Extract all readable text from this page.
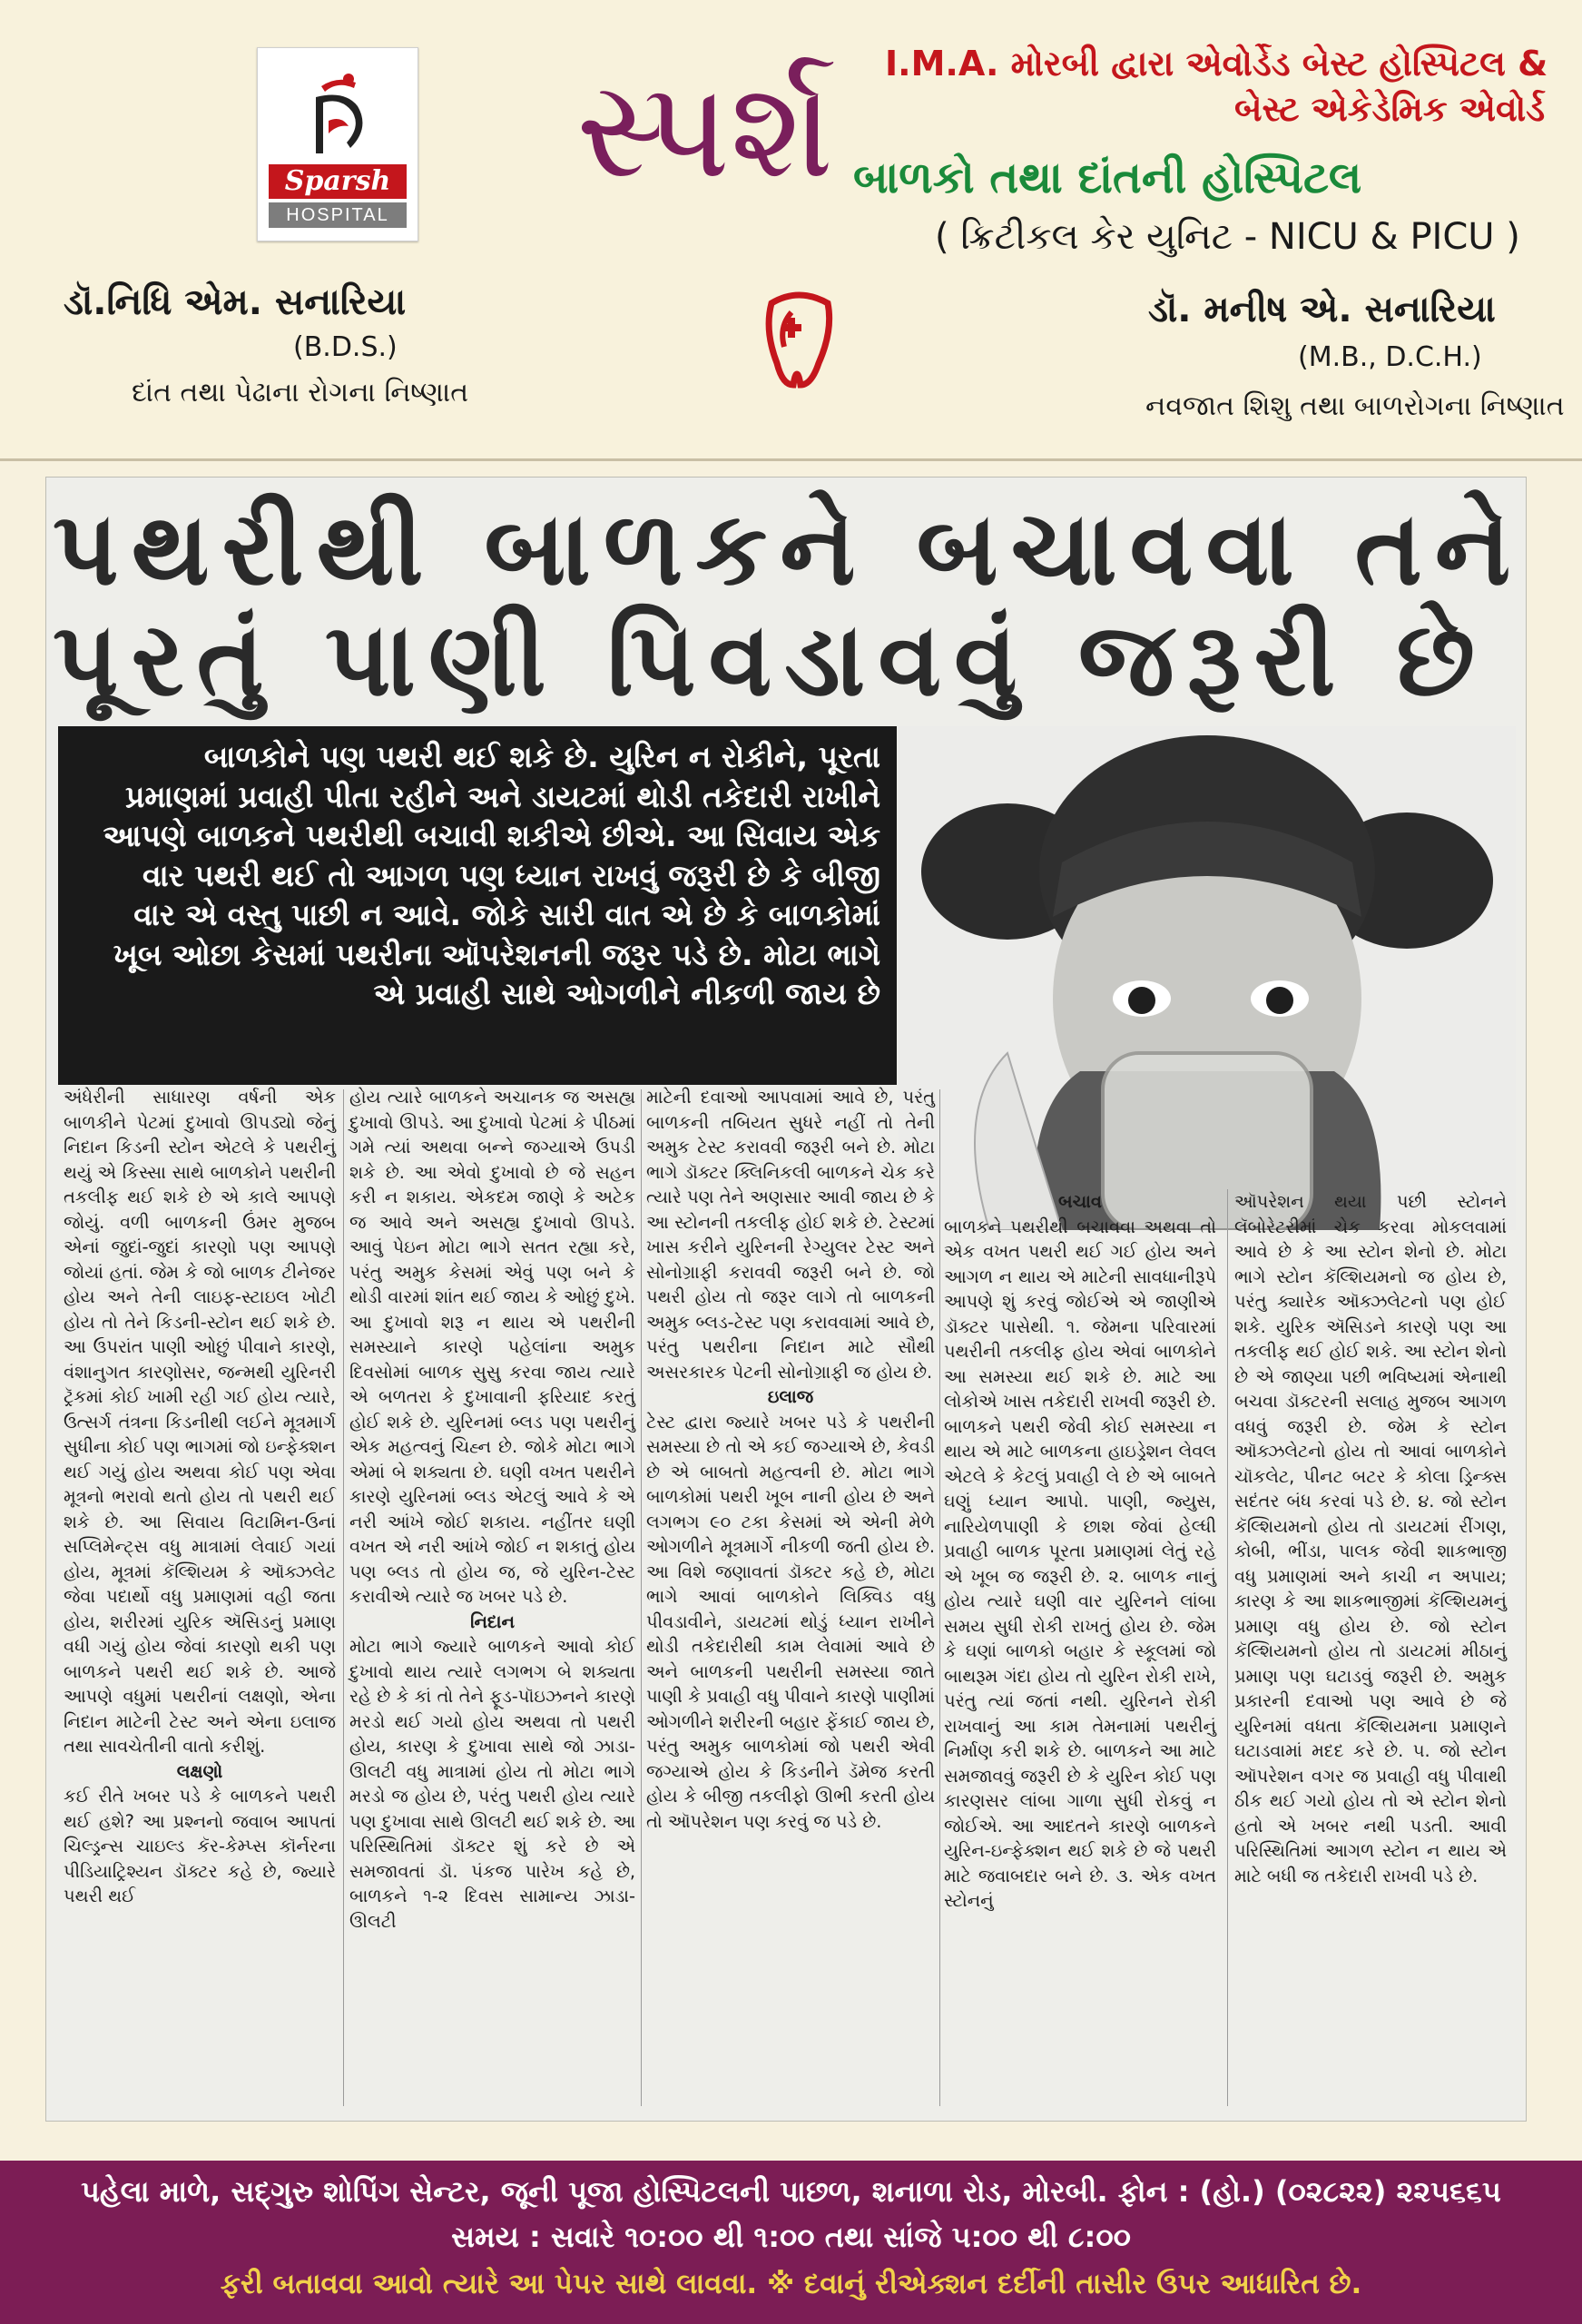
Sparsh
HOSPITAL
સ્પર્શ I.M.A. મોરબી દ્વારા એવોર્ડેડ બેસ્ટ હોસ્પિટલ &
બેસ્ટ એકેડેમિક એવોર્ડ
બાળકો તથા દાંતની હોસ્પિટલ
( ક્રિટીકલ કેર યુનિટ - NICU & PICU )
ડૉ.નિધિ એમ. સનારિયા
(B.D.S.)
દાંત તથા પેઢાના રોગના નિષ્ણાત
ડૉ. મનીષ એ. સનારિયા
(M.B., D.C.H.)
નવજાત શિશુ તથા બાળરોગના નિષ્ણાત
પથરીથી બાળકને બચાવવા તને
પૂરતું પાણી પિવડાવવું જરૂરી છે
બાળકોને પણ પથરી થઈ શકે છે. યુરિન ન રોકીને, પૂરતા પ્રમાણમાં પ્રવાહી પીતા રહીને અને ડાયટમાં થોડી તકેદારી રાખીને આપણે બાળકને પથરીથી બચાવી શકીએ છીએ. આ સિવાય એક વાર પથરી થઈ તો આગળ પણ ધ્યાન રાખવું જરૂરી છે કે બીજી વાર એ વસ્તુ પાછી ન આવે. જોકે સારી વાત એ છે કે બાળકોમાં ખૂબ ઓછા કેસમાં પથરીના ઑપરેશનની જરૂર પડે છે. મોટા ભાગે એ પ્રવાહી સાથે ઓગળીને નીકળી જાય છે

અંધેરીની સાધારણ વર્ષની એક બાળકીને પેટમાં દુખાવો ઊપડ્યો જેનું નિદાન કિડની સ્ટોન એટલે કે પથરીનું થયું એ કિસ્સા સાથે બાળકોને પથરીની તકલીફ થઈ શકે છે એ કાલે આપણે જોયું. વળી બાળકની ઉંમર મુજબ એનાં જુદાં-જુદાં કારણો પણ આપણે જોયાં હતાં. જેમ કે જો બાળક ટીનેજર હોય અને તેની લાઇફ-સ્ટાઇલ ખોટી હોય તો તેને કિડની-સ્ટોન થઈ શકે છે. આ ઉપરાંત પાણી ઓછું પીવાને કારણે, વંશાનુગત કારણોસર, જન્મથી યુરિનરી ટ્રૅકમાં કોઈ ખામી રહી ગઈ હોય ત્યારે, ઉત્સર્ગ તંત્રના કિડનીથી લઈને મૂત્રમાર્ગ સુધીના કોઈ પણ ભાગમાં જો ઇન્ફેક્શન થઈ ગયું હોય અથવા કોઈ પણ એવા મૂત્રનો ભરાવો થતો હોય તો પથરી થઈ શકે છે. આ સિવાય વિટામિન-ઉનાં સપ્લિમેન્ટ્સ વધુ માત્રામાં લેવાઈ ગયાં હોય, મૂત્રમાં કૅલ્શિયમ કે ઑક્ઝલેટ જેવા પદાર્થો વધુ પ્રમાણમાં વહી જતા હોય, શરીરમાં યુરિક ઍસિડનું પ્રમાણ વધી ગયું હોય જેવાં કારણો થકી પણ બાળકને પથરી થઈ શકે છે. આજે આપણે વધુમાં પથરીનાં લક્ષણો, એના નિદાન માટેની ટેસ્ટ અને એના ઇલાજ તથા સાવચેતીની વાતો કરીશું.

લક્ષણો

કઈ રીતે ખબર પડે કે બાળકને પથરી થઈ હશે? આ પ્રશ્નનો જવાબ આપતાં ચિલ્ડ્રન્સ ચાઇલ્ડ કૅર-કેમ્પ્સ કૉર્નરના પીડિયાટ્રિશ્યન ડૉક્ટર કહે છે, જ્યારે પથરી થઈ

હોય ત્યારે બાળકને અચાનક જ અસહ્ય દુખાવો ઊપડે. આ દુખાવો પેટમાં કે પીઠમાં ગમે ત્યાં અથવા બન્ને જગ્યાએ ઉપડી શકે છે. આ એવો દુખાવો છે જે સહન કરી ન શકાય. એકદમ જાણે કે અટેક જ આવે અને અસહ્ય દુખાવો ઊપડે. આવું પેઇન મોટા ભાગે સતત રહ્યા કરે, પરંતુ અમુક કેસમાં એવું પણ બને કે થોડી વારમાં શાંત થઈ જાય કે ઓછું દુખે. આ દુખાવો શરૂ ન થાય એ પથરીની સમસ્યાને કારણે પહેલાંના અમુક દિવસોમાં બાળક સુસુ કરવા જાય ત્યારે એ બળતરા કે દુખાવાની ફરિયાદ કરતું હોઈ શકે છે. યુરિનમાં બ્લડ પણ પથરીનું એક મહત્વનું ચિહ્ન છે. જોકે મોટા ભાગે એમાં બે શક્યતા છે. ઘણી વખત પથરીને કારણે યુરિનમાં બ્લડ એટલું આવે કે એ નરી આંખે જોઈ શકાય. નહીંતર ઘણી વખત એ નરી આંખે જોઈ ન શકાતું હોય પણ બ્લડ તો હોય જ, જે યુરિન-ટેસ્ટ કરાવીએ ત્યારે જ ખબર પડે છે.

નિદાન

મોટા ભાગે જ્યારે બાળકને આવો કોઈ દુખાવો થાય ત્યારે લગભગ બે શક્યતા રહે છે કે કાં તો તેને ફૂડ-પૉઇઝનને કારણે મરડો થઈ ગયો હોય અથવા તો પથરી હોય, કારણ કે દુખાવા સાથે જો ઝાડા-ઊલટી વધુ માત્રામાં હોય તો મોટા ભાગે મરડો જ હોય છે, પરંતુ પથરી હોય ત્યારે પણ દુખાવા સાથે ઊલટી થઈ શકે છે. આ પરિસ્થિતિમાં ડૉક્ટર શું કરે છે એ સમજાવતાં ડૉ. પંકજ પારેખ કહે છે, બાળકને ૧-૨ દિવસ સામાન્ય ઝાડા-ઊલટી

માટેની દવાઓ આપવામાં આવે છે, પરંતુ બાળકની તબિયત સુધરે નહીં તો તેની અમુક ટેસ્ટ કરાવવી જરૂરી બને છે. મોટા ભાગે ડૉક્ટર ક્લિનિકલી બાળકને ચેક કરે ત્યારે પણ તેને અણસાર આવી જાય છે કે આ સ્ટોનની તકલીફ હોઈ શકે છે. ટેસ્ટમાં ખાસ કરીને યુરિનની રેગ્યુલર ટેસ્ટ અને સોનોગ્રાફી કરાવવી જરૂરી બને છે. જો પથરી હોય તો જરૂર લાગે તો બાળકની અમુક બ્લડ-ટેસ્ટ પણ કરાવવામાં આવે છે, પરંતુ પથરીના નિદાન માટે સૌથી અસરકારક પેટની સોનોગ્રાફી જ હોય છે.

ઇલાજ

ટેસ્ટ દ્વારા જ્યારે ખબર પડે કે પથરીની સમસ્યા છે તો એ કઈ જગ્યાએ છે, કેવડી છે એ બાબતો મહત્વની છે. મોટા ભાગે બાળકોમાં પથરી ખૂબ નાની હોય છે અને લગભગ ૯૦ ટકા કેસમાં એ એની મેળે ઓગળીને મૂત્રમાર્ગે નીકળી જતી હોય છે. આ વિશે જણાવતાં ડૉક્ટર કહે છે, મોટા ભાગે આવાં બાળકોને લિક્વિડ વધુ પીવડાવીને, ડાયટમાં થોડું ધ્યાન રાખીને થોડી તકેદારીથી કામ લેવામાં આવે છે અને બાળકની પથરીની સમસ્યા જાતે પાણી કે પ્રવાહી વધુ પીવાને કારણે પાણીમાં ઓગળીને શરીરની બહાર ફેંકાઈ જાય છે, પરંતુ અમુક બાળકોમાં જો પથરી એવી જગ્યાએ હોય કે કિડનીને ડૅમેજ કરતી હોય કે બીજી તકલીફો ઊભી કરતી હોય તો ઑપરેશન પણ કરવું જ પડે છે.

બચાવ

બાળકને પથરીથી બચાવવા અથવા તો એક વખત પથરી થઈ ગઈ હોય અને આગળ ન થાય એ માટેની સાવધાનીરૂપે આપણે શું કરવું જોઈએ એ જાણીએ ડૉક્ટર પાસેથી. ૧. જેમના પરિવારમાં પથરીની તકલીફ હોય એવાં બાળકોને આ સમસ્યા થઈ શકે છે. માટે આ લોકોએ ખાસ તકેદારી રાખવી જરૂરી છે. બાળકને પથરી જેવી કોઈ સમસ્યા ન થાય એ માટે બાળકના હાઇડ્રેશન લેવલ એટલે કે કેટલું પ્રવાહી લે છે એ બાબતે ઘણું ધ્યાન આપો. પાણી, જ્યુસ, નારિયેળપાણી કે છાશ જેવાં હેલ્ધી પ્રવાહી બાળક પૂરતા પ્રમાણમાં લેતું રહે એ ખૂબ જ જરૂરી છે. ૨. બાળક નાનું હોય ત્યારે ઘણી વાર યુરિનને લાંબા સમય સુધી રોકી રાખતું હોય છે. જેમ કે ઘણાં બાળકો બહાર કે સ્કૂલમાં જો બાથરૂમ ગંદા હોય તો યુરિન રોકી રાખે, પરંતુ ત્યાં જતાં નથી. યુરિનને રોકી રાખવાનું આ કામ તેમનામાં પથરીનું નિર્માણ કરી શકે છે. બાળકને આ માટે સમજાવવું જરૂરી છે કે યુરિન કોઈ પણ કારણસર લાંબા ગાળા સુધી રોકવું ન જોઈએ. આ આદતને કારણે બાળકને યુરિન-ઇન્ફેક્શન થઈ શકે છે જે પથરી માટે જવાબદાર બને છે. ૩. એક વખત સ્ટોનનું

ઑપરેશન થયા પછી સ્ટોનને લૅબોરેટરીમાં ચેક કરવા મોકલવામાં આવે છે કે આ સ્ટોન શેનો છે. મોટા ભાગે સ્ટોન કૅલ્શિયમનો જ હોય છે, પરંતુ ક્યારેક ઑક્ઝલેટનો પણ હોઈ શકે. યુરિક ઍસિડને કારણે પણ આ તકલીફ થઈ હોઈ શકે. આ સ્ટોન શેનો છે એ જાણ્યા પછી ભવિષ્યમાં એનાથી બચવા ડૉક્ટરની સલાહ મુજબ આગળ વધવું જરૂરી છે. જેમ કે સ્ટોન ઑક્ઝલેટનો હોય તો આવાં બાળકોને ચૉકલેટ, પીનટ બટર કે કોલા ડ્રિન્ક્સ સદંતર બંધ કરવાં પડે છે. ૪. જો સ્ટોન કૅલ્શિયમનો હોય તો ડાયટમાં રીંગણ, કોબી, ભીંડા, પાલક જેવી શાકભાજી વધુ પ્રમાણમાં અને કાચી ન અપાય; કારણ કે આ શાકભાજીમાં કૅલ્શિયમનું પ્રમાણ વધુ હોય છે. જો સ્ટોન કૅલ્શિયમનો હોય તો ડાયટમાં મીઠાનું પ્રમાણ પણ ઘટાડવું જરૂરી છે. અમુક પ્રકારની દવાઓ પણ આવે છે જે યુરિનમાં વધતા કૅલ્શિયમના પ્રમાણને ઘટાડવામાં મદદ કરે છે. ૫. જો સ્ટોન ઑપરેશન વગર જ પ્રવાહી વધુ પીવાથી ઠીક થઈ ગયો હોય તો એ સ્ટોન શેનો હતો એ ખબર નથી પડતી. આવી પરિસ્થિતિમાં આગળ સ્ટોન ન થાય એ માટે બધી જ તકેદારી રાખવી પડે છે.

પહેલા માળે, સદ્ગુરુ શોપિંગ સેન્ટર, જૂની પૂજા હોસ્પિટલની પાછળ, શનાળા રોડ, મોરબી. ફોન : (હો.) (૦૨૮૨૨) ૨૨૫૬૬૫
સમય : સવારે ૧૦:૦૦ થી ૧:૦૦ તથા સાંજે ૫:૦૦ થી ૮:૦૦
ફરી બતાવવા આવો ત્યારે આ પેપર સાથે લાવવા. ※ દવાનું રીએક્શન દર્દીની તાસીર ઉપર આધારિત છે.
